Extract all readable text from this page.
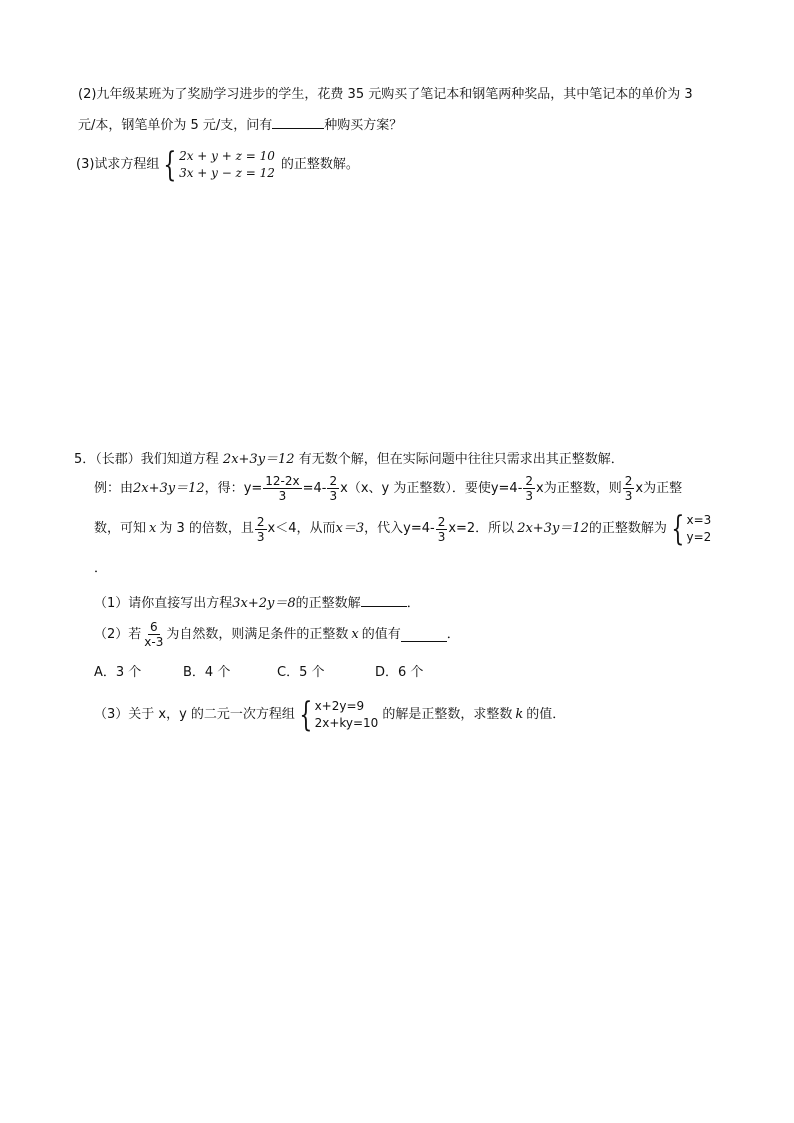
(2)九年级某班为了奖励学习进步的学生，花费 35 元购买了笔记本和钢笔两种奖品，其中笔记本的单价为 3
元/本，钢笔单价为 5 元/支，问有	种购买方案？
(3)试求方程组 { 2x + y + z = 10
3x + y − z = 12
的正整数解。
5．（长郡）我们知道方程 2x+3y＝12 有无数个解，但在实际问题中往往只需求出其正整数解．
例：由 2x+3y＝12 ，得： $y= \frac{12-2x}{3} =4- \frac{2}{3} x(x$、y 为正整数）．要使$y=4- \frac{2}{3}$ x为正整数，则 $\frac{2}{3}$ x为正整
数，可知 x 为 3 的倍数，且 $\frac{2}{3} x<4$，从而 x＝3 ，代入$y=4- \frac{2}{3} x=2$．所以 2x+3y＝12 的正整数解为 { x=3
y=2
．
（1）请你直接写出方程3x+2y＝8的正整数解	．
（2）若 $\frac{6}{x-3}$ 为自然数，则满足条件的正整数 x 的值有	．
A．3 个	B．4 个	C．5 个	D．6 个
（3）关于 x，y 的二元一次方程组 { x+2y=9
2x+ky=10
的解是正整数，求整数 k 的值．
